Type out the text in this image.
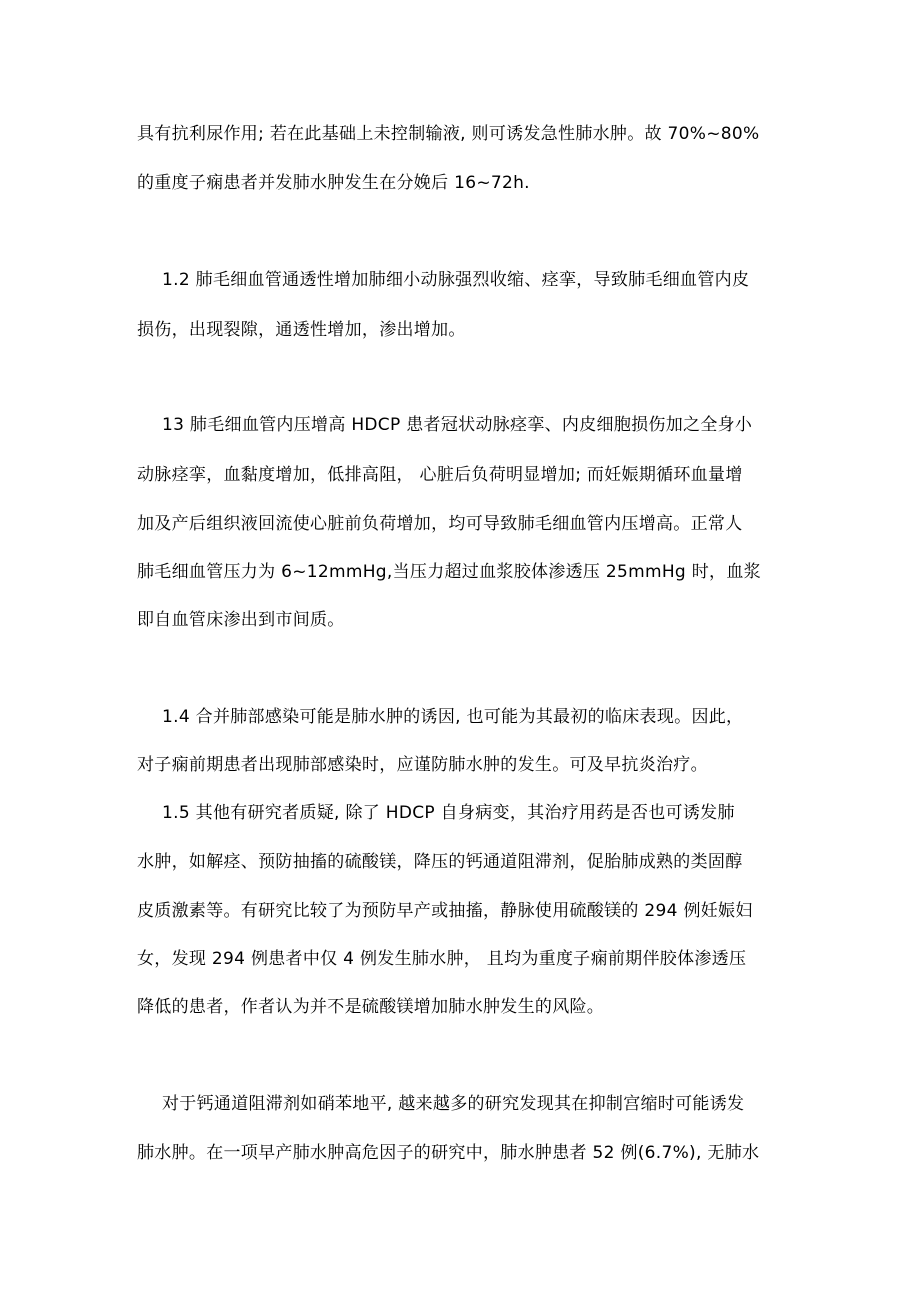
具有抗利尿作用; 若在此基础上未控制输液, 则可诱发急性肺水肿。故 70%~80%
的重度子痫患者并发肺水肿发生在分娩后 16~72h.
1.2 肺毛细血管通透性增加肺细小动脉强烈收缩、痉挛，导致肺毛细血管内皮
损伤，出现裂隙，通透性增加，渗出增加。
13 肺毛细血管内压增高 HDCP 患者冠状动脉痉挛、内皮细胞损伤加之全身小
动脉痉挛，血黏度增加，低排高阻， 心脏后负荷明显增加; 而妊娠期循环血量增
加及产后组织液回流使心脏前负荷增加，均可导致肺毛细血管内压增高。正常人
肺毛细血管压力为 6~12mmHg,当压力超过血浆胶体渗透压 25mmHg 时，血浆
即自血管床渗出到市间质。
1.4 合并肺部感染可能是肺水肿的诱因, 也可能为其最初的临床表现。因此，
对子痫前期患者出现肺部感染时，应谨防肺水肿的发生。可及早抗炎治疗。
1.5 其他有研究者质疑, 除了 HDCP 自身病变，其治疗用药是否也可诱发肺
水肿，如解痉、预防抽搐的硫酸镁，降压的钙通道阻滞剂，促胎肺成熟的类固醇
皮质激素等。有研究比较了为预防早产或抽搐，静脉使用硫酸镁的 294 例妊娠妇
女，发现 294 例患者中仅 4 例发生肺水肿， 且均为重度子痫前期伴胶体渗透压
降低的患者，作者认为并不是硫酸镁增加肺水肿发生的风险。
对于钙通道阻滞剂如硝苯地平, 越来越多的研究发现其在抑制宫缩时可能诱发
肺水肿。在一项早产肺水肿高危因子的研究中，肺水肿患者 52 例(6.7%), 无肺水
